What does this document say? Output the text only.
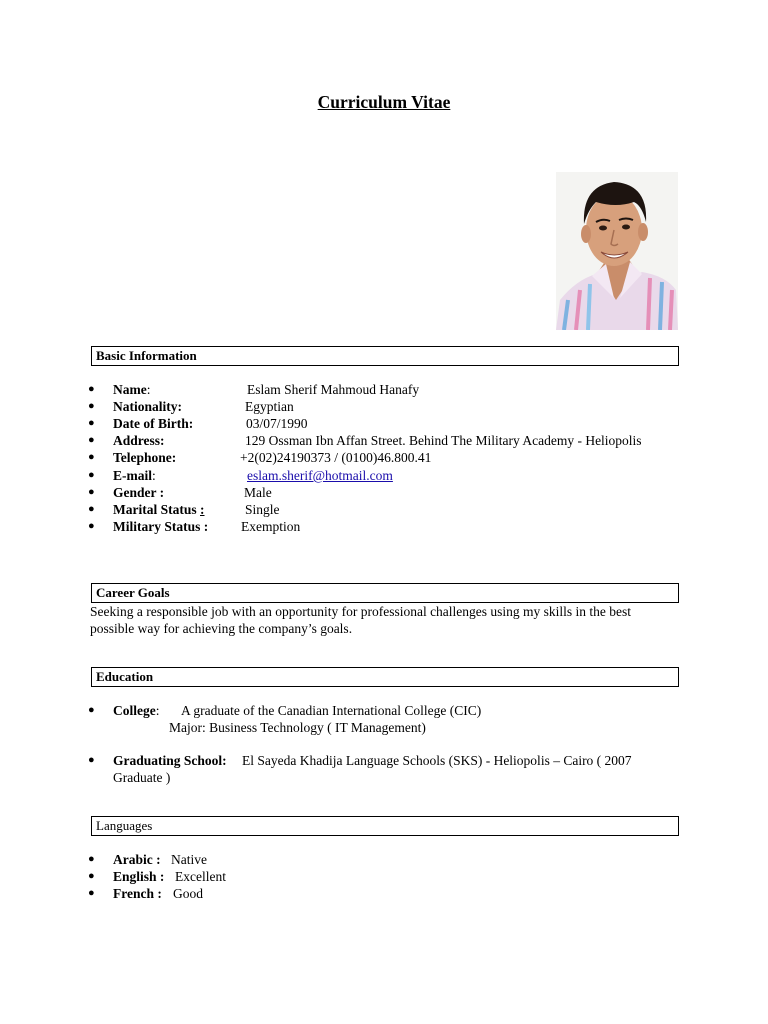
Curriculum Vitae
Basic Information
●	Name:	Eslam Sherif Mahmoud Hanafy
●	Nationality:	Egyptian
●	Date of Birth:	03/07/1990
●	Address:	129 Ossman Ibn Affan Street. Behind The Military Academy - Heliopolis
●	Telephone:	+2(02)24190373 / (0100)46.800.41
●	E-mail:	eslam.sherif@hotmail.com
●	Gender :	Male
●	Marital Status :	Single
●	Military Status : Exemption
Career Goals
Seeking a responsible job with an opportunity for professional challenges using my skills in the best
possible way for achieving the company’s goals.
Education
●	College: A graduate of the Canadian International College (CIC)
Major: Business Technology ( IT Management)
●	Graduating School: El Sayeda Khadija Language Schools (SKS) - Heliopolis – Cairo ( 2007
Graduate )
Languages
●	Arabic : Native
●	English : Excellent
●	French : Good
